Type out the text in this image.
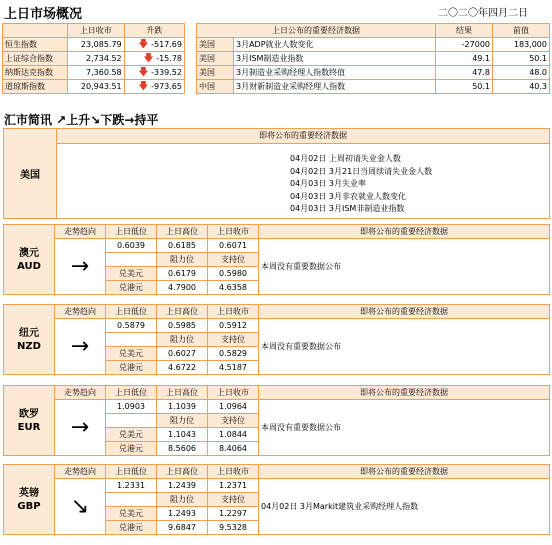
上日市场概况	二〇二〇年四月二日
	上日收市	升跌
恒生指数	23,085.79	🡇 -517.69
上证综合指数	2,734.52	🡇 -15.78
纳斯达克指数	7,360.58	🡇 -339.52
道琼斯指数	20,943.51	🡇 -973.65
上日公布的重要经济数据		结果	前值
美国	3月ADP就业人数变化	-27000	183,000
美国	3月ISM制造业指数	49.1	50.1
美国	3月制造业采购经理人指数终值	47.8	48.0
中国	3月财新制造业采购经理人指数	50.1	40.3
汇市简讯 ↗上升↘下跌→持平
美国
即将公布的重要经济数据
04月02日 上周初请失业金人数
04月02日 3月21日当周续请失业金人数
04月03日 3月失业率
04月03日 3月非农就业人数变化
04月03日 3月ISM非制造业指数
澳元
AUD	走势趋向	上日低位	上日高位	上日收市	即将公布的重要经济数据
	→	0.6039	0.6185	0.6071	本周没有重要数据公布
			阻力位	支持位	
		兑美元	0.6179	0.5980	
		兑港元	4.7900	4.6358	
纽元
NZD	走势趋向	上日低位	上日高位	上日收市	即将公布的重要经济数据
	→	0.5879	0.5985	0.5912	本周没有重要数据公布
			阻力位	支持位	
		兑美元	0.6027	0.5829	
		兑港元	4.6722	4.5187	
欧罗
EUR	走势趋向	上日低位	上日高位	上日收市	即将公布的重要经济数据
	→	1.0903	1.1039	1.0964	本周没有重要数据公布
			阻力位	支持位	
		兑美元	1.1043	1.0844	
		兑港元	8.5606	8.4064	
英镑
GBP	走势趋向	上日低位	上日高位	上日收市	即将公布的重要经济数据
	↘	1.2331	1.2439	1.2371	04月02日 3月Markit建筑业采购经理人指数
			阻力位	支持位	
		兑美元	1.2493	1.2297	
		兑港元	9.6847	9.5328	
